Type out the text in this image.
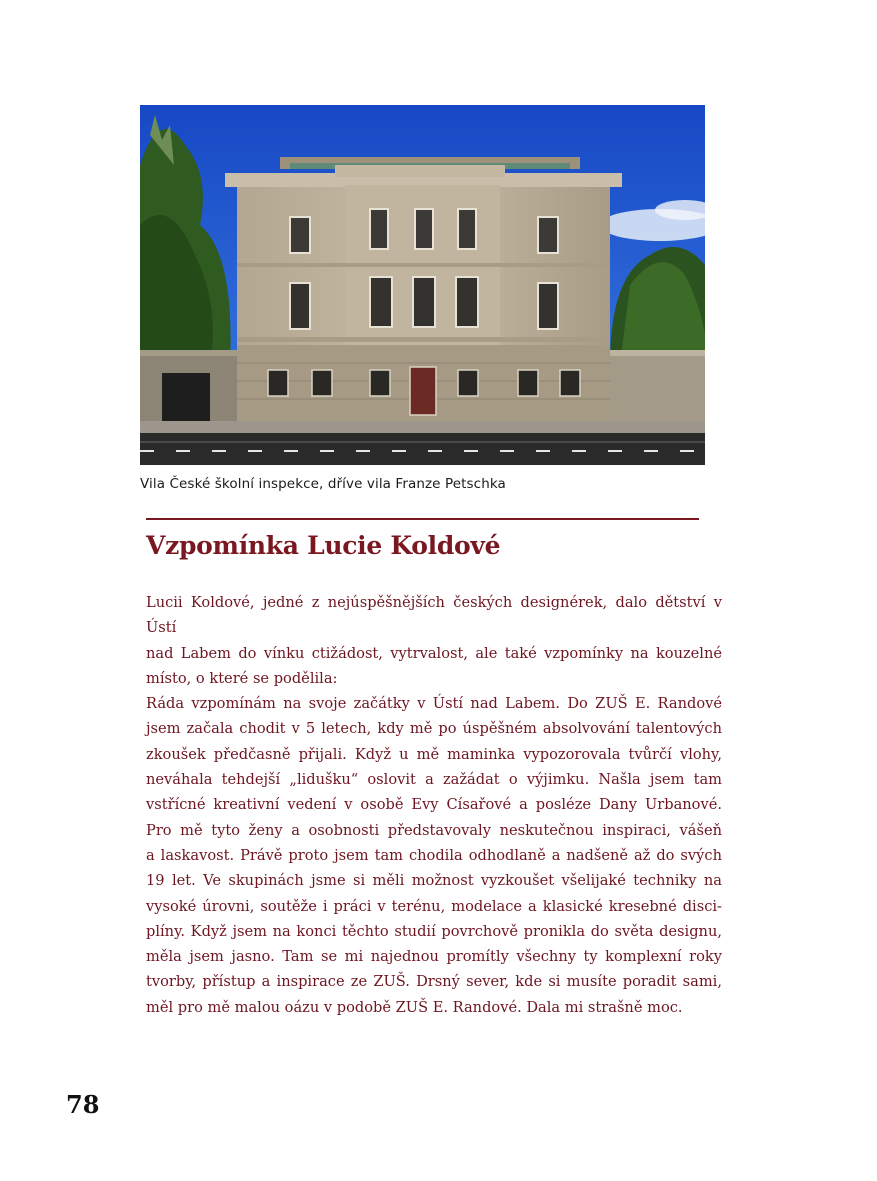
Vila České školní inspekce, dříve vila Franze Petschka
Vzpomínka Lucie Koldové

Lucii Koldové, jedné z nejúspěšnějších českých designérek, dalo dětství v Ústí
nad Labem do vínku ctižádost, vytrvalost, ale také vzpomínky na kouzelné
místo, o které se podělila:

Ráda vzpomínám na svoje začátky v Ústí nad Labem. Do ZUŠ E. Randové
jsem začala chodit v 5 letech, kdy mě po úspěšném absolvování talentových
zkoušek předčasně přijali. Když u mě maminka vypozorovala tvůrčí vlohy,
neváhala tehdejší „lidušku“ oslovit a zažádat o výjimku. Našla jsem tam
vstřícné kreativní vedení v osobě Evy Císařové a posléze Dany Urbanové.
Pro mě tyto ženy a osobnosti představovaly neskutečnou inspiraci, vášeň
a laskavost. Právě proto jsem tam chodila odhodlaně a nadšeně až do svých
19 let. Ve skupinách jsme si měli možnost vyzkoušet všelijaké techniky na
vysoké úrovni, soutěže i práci v terénu, modelace a klasické kresebné disci-
plíny. Když jsem na konci těchto studií povrchově pronikla do světa designu,
měla jsem jasno. Tam se mi najednou promítly všechny ty komplexní roky
tvorby, přístup a inspirace ze ZUŠ. Drsný sever, kde si musíte poradit sami,
měl pro mě malou oázu v podobě ZUŠ E. Randové. Dala mi strašně moc.

78
